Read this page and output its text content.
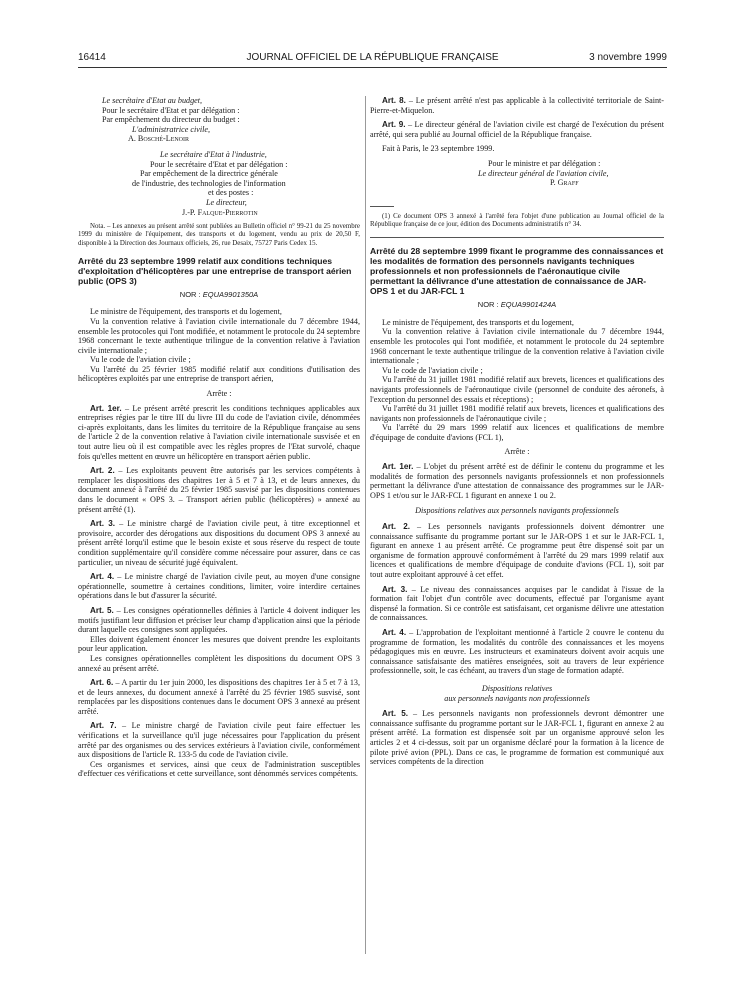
16414	JOURNAL OFFICIEL DE LA RÉPUBLIQUE FRANÇAISE	3 novembre 1999

Le secrétaire d'Etat au budget,

Pour le secrétaire d'Etat et par délégation :

Par empêchement du directeur du budget :

L'administratrice civile,

A. Bosché-Lenoir

Le secrétaire d'Etat à l'industrie,

Pour le secrétaire d'Etat et par délégation :

Par empêchement de la directrice générale

de l'industrie, des technologies de l'information

et des postes :

Le directeur,

J.-P. Falque-Pierrotin

Nota. – Les annexes au présent arrêté sont publiées au Bulletin officiel n° 99-21 du 25 novembre 1999 du ministère de l'équipement, des transports et du logement, vendu au prix de 20,50 F, disponible à la Direction des Journaux officiels, 26, rue Desaix, 75727 Paris Cedex 15.

Arrêté du 23 septembre 1999 relatif aux conditions techniques d'exploitation d'hélicoptères par une entreprise de transport aérien public (OPS 3)

NOR : EQUA9901350A

Le ministre de l'équipement, des transports et du logement,

Vu la convention relative à l'aviation civile internationale du 7 décembre 1944, ensemble les protocoles qui l'ont modifiée, et notamment le protocole du 24 septembre 1968 concernant le texte authentique trilingue de la convention relative à l'aviation civile internationale ;

Vu le code de l'aviation civile ;

Vu l'arrêté du 25 février 1985 modifié relatif aux conditions d'utilisation des hélicoptères exploités par une entreprise de transport aérien,

Arrête :

Art. 1er. – Le présent arrêté prescrit les conditions techniques applicables aux entreprises régies par le titre III du livre III du code de l'aviation civile, dénommées ci-après exploitants, dans les limites du territoire de la République française au sens de l'article 2 de la convention relative à l'aviation civile internationale susvisée et en tout autre lieu où il est compatible avec les règles propres de l'Etat survolé, chaque fois qu'elles mettent en œuvre un hélicoptère en transport aérien public.

Art. 2. – Les exploitants peuvent être autorisés par les services compétents à remplacer les dispositions des chapitres 1er à 5 et 7 à 13, et de leurs annexes, du document annexé à l'arrêté du 25 février 1985 susvisé par les dispositions contenues dans le document « OPS 3. – Transport aérien public (hélicoptères) » annexé au présent arrêté (1).

Art. 3. – Le ministre chargé de l'aviation civile peut, à titre exceptionnel et provisoire, accorder des dérogations aux dispositions du document OPS 3 annexé au présent arrêté lorqu'il estime que le besoin existe et sous réserve du respect de toute condition supplémentaire qu'il considère comme nécessaire pour assurer, dans ce cas particulier, un niveau de sécurité jugé équivalent.

Art. 4. – Le ministre chargé de l'aviation civile peut, au moyen d'une consigne opérationnelle, soumettre à certaines conditions, limiter, voire interdire certaines opérations dans le but d'assurer la sécurité.

Art. 5. – Les consignes opérationnelles définies à l'article 4 doivent indiquer les motifs justifiant leur diffusion et préciser leur champ d'application ainsi que la période durant laquelle ces consignes sont appliquées.

Elles doivent également énoncer les mesures que doivent prendre les exploitants pour leur application.

Les consignes opérationnelles complètent les dispositions du document OPS 3 annexé au présent arrêté.

Art. 6. – A partir du 1er juin 2000, les dispositions des chapitres 1er à 5 et 7 à 13, et de leurs annexes, du document annexé à l'arrêté du 25 février 1985 susvisé, sont remplacées par les dispositions contenues dans le document OPS 3 annexé au présent arrêté.

Art. 7. – Le ministre chargé de l'aviation civile peut faire effectuer les vérifications et la surveillance qu'il juge nécessaires pour l'application du présent arrêté par des organismes ou des services extérieurs à l'aviation civile, conformément aux dispositions de l'article R. 133-5 du code de l'aviation civile.

Ces organismes et services, ainsi que ceux de l'administration susceptibles d'effectuer ces vérifications et cette surveillance, sont dénommés services compétents.

Art. 8. – Le présent arrêté n'est pas applicable à la collectivité territoriale de Saint-Pierre-et-Miquelon.

Art. 9. – Le directeur général de l'aviation civile est chargé de l'exécution du présent arrêté, qui sera publié au Journal officiel de la République française.

Fait à Paris, le 23 septembre 1999.

Pour le ministre et par délégation :

Le directeur général de l'aviation civile,

P. Graff

(1) Ce document OPS 3 annexé à l'arrêté fera l'objet d'une publication au Journal officiel de la République française de ce jour, édition des Documents administratifs n° 34.

Arrêté du 28 septembre 1999 fixant le programme des connaissances et les modalités de formation des personnels navigants techniques professionnels et non professionnels de l'aéronautique civile permettant la délivrance d'une attestation de connaissance de JAR-OPS 1 et du JAR-FCL 1

NOR : EQUA9901424A

Le ministre de l'équipement, des transports et du logement,

Vu la convention relative à l'aviation civile internationale du 7 décembre 1944, ensemble les protocoles qui l'ont modifiée, et notamment le protocole du 24 septembre 1968 concernant le texte authentique trilingue de la convention relative à l'aviation civile internationale ;

Vu le code de l'aviation civile ;

Vu l'arrêté du 31 juillet 1981 modifié relatif aux brevets, licences et qualifications des navigants professionnels de l'aéronautique civile (personnel de conduite des aéronefs, à l'exception du personnel des essais et réceptions) ;

Vu l'arrêté du 31 juillet 1981 modifié relatif aux brevets, licences et qualifications des navigants non professionnels de l'aéronautique civile ;

Vu l'arrêté du 29 mars 1999 relatif aux licences et qualifications de membre d'équipage de conduite d'avions (FCL 1),

Arrête :

Art. 1er. – L'objet du présent arrêté est de définir le contenu du programme et les modalités de formation des personnels navigants professionnels et non professionnels permettant la délivrance d'une attestation de connaissance des programmes sur le JAR-OPS 1 et/ou sur le JAR-FCL 1 figurant en annexe 1 ou 2.

Dispositions relatives aux personnels navigants professionnels

Art. 2. – Les personnels navigants professionnels doivent démontrer une connaissance suffisante du programme portant sur le JAR-OPS 1 et sur le JAR-FCL 1, figurant en annexe 1 au présent arrêté. Ce programme peut être dispensé soit par un organisme de formation approuvé conformément à l'arrêté du 29 mars 1999 relatif aux licences et qualifications de membre d'équipage de conduite d'avions (FCL 1), soit par tout autre exploitant approuvé à cet effet.

Art. 3. – Le niveau des connaissances acquises par le candidat à l'issue de la formation fait l'objet d'un contrôle avec documents, effectué par l'organisme ayant dispensé la formation. Si ce contrôle est satisfaisant, cet organisme délivre une attestation de connaissances.

Art. 4. – L'approbation de l'exploitant mentionné à l'article 2 couvre le contenu du programme de formation, les modalités du contrôle des connaissances et les moyens pédagogiques mis en œuvre. Les instructeurs et examinateurs doivent avoir acquis une connaissance satisfaisante des matières enseignées, soit au travers de leur expérience professionnelle, soit, le cas échéant, au travers d'un stage de formation adapté.

Dispositions relatives

aux personnels navigants non professionnels

Art. 5. – Les personnels navigants non professionnels devront démontrer une connaissance suffisante du programme portant sur le JAR-FCL 1, figurant en annexe 2 au présent arrêté. La formation est dispensée soit par un organisme approuvé selon les articles 2 et 4 ci-dessus, soit par un organisme déclaré pour la formation à la licence de pilote privé avion (PPL). Dans ce cas, le programme de formation est communiqué aux services compétents de la direction
